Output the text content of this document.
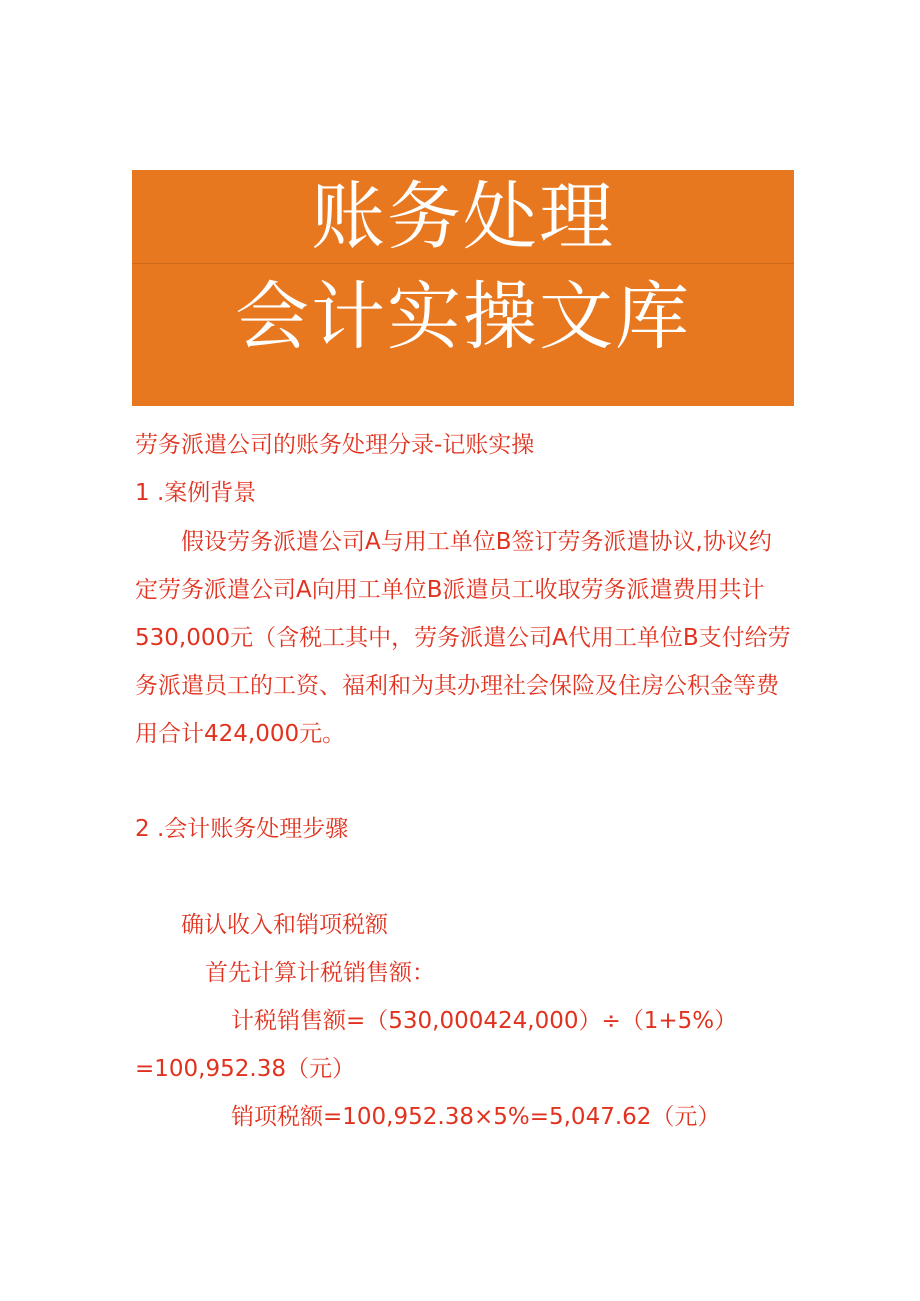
账务处理
会计实操文库
劳务派遣公司的账务处理分录-记账实操
1 .案例背景
假设劳务派遣公司A与用工单位B签订劳务派遣协议,协议约
定劳务派遣公司A向用工单位B派遣员工收取劳务派遣费用共计
530,000元（含税工其中，劳务派遣公司A代用工单位B支付给劳
务派遣员工的工资、福利和为其办理社会保险及住房公积金等费
用合计424,000元。
2 .会计账务处理步骤
确认收入和销项税额
首先计算计税销售额：
计税销售额=（530,000424,000）÷（1+5%）
=100,952.38（元）
销项税额=100,952.38×5%=5,047.62（元）
